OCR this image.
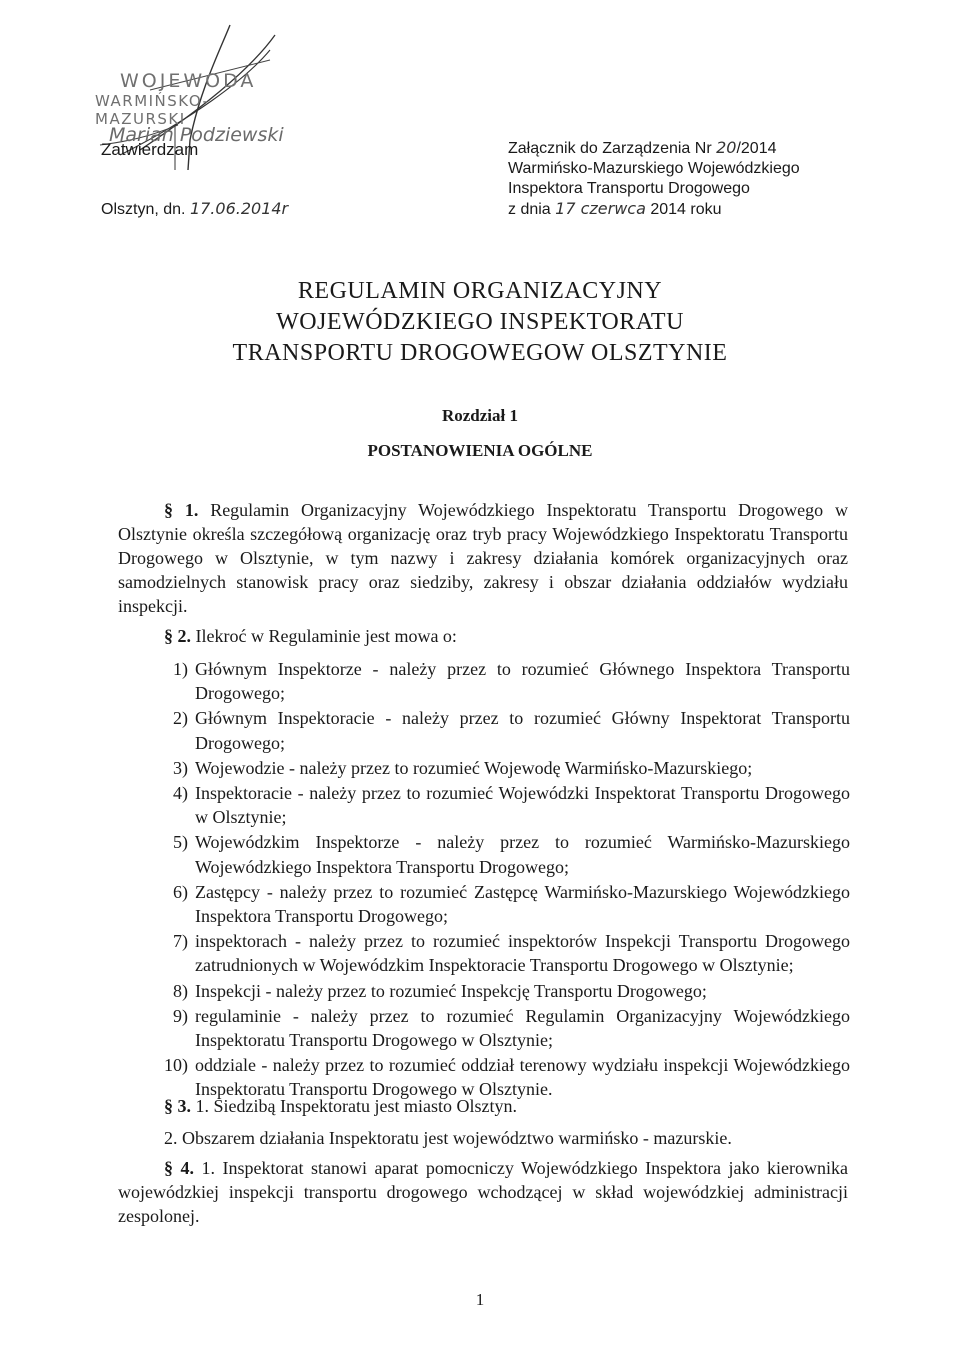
WOJEWODA
WARMIŃSKO-MAZURSKI
Marian Podziewski
Zatwierdzam
Olsztyn, dn. 17.06.2014r
Załącznik do Zarządzenia Nr 20/2014
Warmińsko-Mazurskiego Wojewódzkiego
Inspektora Transportu Drogowego
z dnia 17 czerwca 2014 roku
REGULAMIN ORGANIZACYJNY
WOJEWÓDZKIEGO INSPEKTORATU
TRANSPORTU DROGOWEGOW OLSZTYNIE
Rozdział 1
POSTANOWIENIA OGÓLNE
§ 1. Regulamin Organizacyjny Wojewódzkiego Inspektoratu Transportu Drogowego w Olsztynie określa szczegółową organizację oraz tryb pracy Wojewódzkiego Inspektoratu Transportu Drogowego w Olsztynie, w tym nazwy i zakresy działania komórek organizacyjnych oraz samodzielnych stanowisk pracy oraz siedziby, zakresy i obszar działania oddziałów wydziału inspekcji.
§ 2. Ilekroć w Regulaminie jest mowa o:
1) Głównym Inspektorze - należy przez to rozumieć Głównego Inspektora Transportu Drogowego;
2) Głównym Inspektoracie - należy przez to rozumieć Główny Inspektorat Transportu Drogowego;
3) Wojewodzie - należy przez to rozumieć Wojewodę Warmińsko-Mazurskiego;
4) Inspektoracie - należy przez to rozumieć Wojewódzki Inspektorat Transportu Drogowego w Olsztynie;
5) Wojewódzkim Inspektorze - należy przez to rozumieć Warmińsko-Mazurskiego Wojewódzkiego Inspektora Transportu Drogowego;
6) Zastępcy - należy przez to rozumieć Zastępcę Warmińsko-Mazurskiego Wojewódzkiego Inspektora Transportu Drogowego;
7) inspektorach - należy przez to rozumieć inspektorów Inspekcji Transportu Drogowego zatrudnionych w Wojewódzkim Inspektoracie Transportu Drogowego w Olsztynie;
8) Inspekcji - należy przez to rozumieć Inspekcję Transportu Drogowego;
9) regulaminie - należy przez to rozumieć Regulamin Organizacyjny Wojewódzkiego Inspektoratu Transportu Drogowego w Olsztynie;
10) oddziale - należy przez to rozumieć oddział terenowy wydziału inspekcji Wojewódzkiego Inspektoratu Transportu Drogowego w Olsztynie.
§ 3. 1. Siedzibą Inspektoratu jest miasto Olsztyn.
2. Obszarem działania Inspektoratu jest województwo warmińsko - mazurskie.
§ 4. 1. Inspektorat stanowi aparat pomocniczy Wojewódzkiego Inspektora jako kierownika wojewódzkiej inspekcji transportu drogowego wchodzącej w skład wojewódzkiej administracji zespolonej.
1
